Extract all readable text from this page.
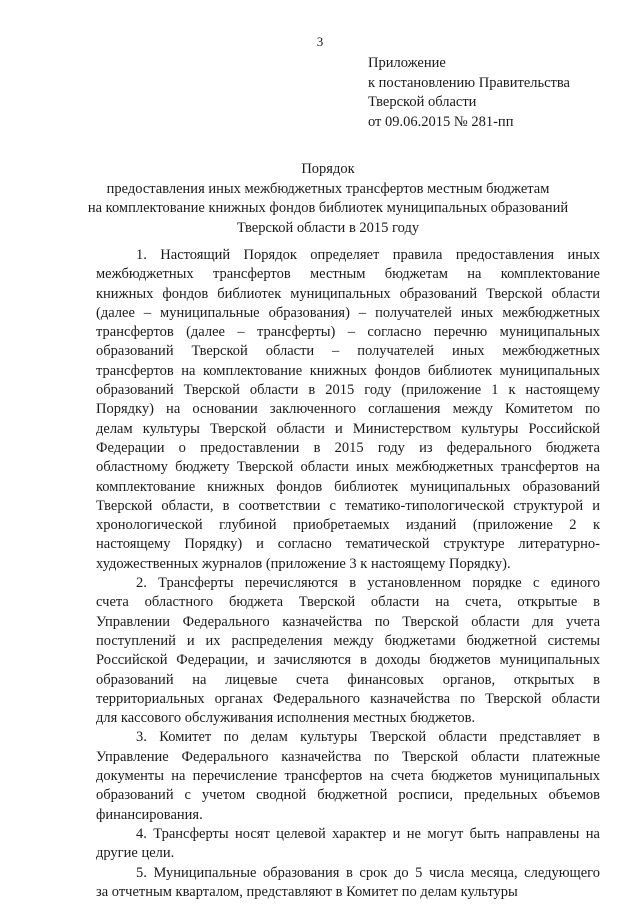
3
Приложение
к постановлению Правительства
Тверской области
от 09.06.2015 № 281-пп
Порядок
предоставления иных межбюджетных трансфертов местным бюджетам
на комплектование книжных фондов библиотек муниципальных образований
Тверской области в 2015 году
1. Настоящий Порядок определяет правила предоставления иных
межбюджетных трансфертов местным бюджетам на комплектование
книжных фондов библиотек муниципальных образований Тверской области
(далее – муниципальные образования) – получателей иных межбюджетных
трансфертов (далее – трансферты) – согласно перечню муниципальных
образований Тверской области – получателей иных межбюджетных
трансфертов на комплектование книжных фондов библиотек муниципальных
образований Тверской области в 2015 году (приложение 1 к настоящему
Порядку) на основании заключенного соглашения между Комитетом по
делам культуры Тверской области и Министерством культуры Российской
Федерации о предоставлении в 2015 году из федерального бюджета
областному бюджету Тверской области иных межбюджетных трансфертов на
комплектование книжных фондов библиотек муниципальных образований
Тверской области, в соответствии с тематико-типологической структурой и
хронологической глубиной приобретаемых изданий (приложение 2 к
настоящему Порядку) и согласно тематической структуре литературно-
художественных журналов (приложение 3 к настоящему Порядку).
2. Трансферты перечисляются в установленном порядке с единого
счета областного бюджета Тверской области на счета, открытые в
Управлении Федерального казначейства по Тверской области для учета
поступлений и их распределения между бюджетами бюджетной системы
Российской Федерации, и зачисляются в доходы бюджетов муниципальных
образований на лицевые счета финансовых органов, открытых в
территориальных органах Федерального казначейства по Тверской области
для кассового обслуживания исполнения местных бюджетов.
3. Комитет по делам культуры Тверской области представляет в
Управление Федерального казначейства по Тверской области платежные
документы на перечисление трансфертов на счета бюджетов муниципальных
образований с учетом сводной бюджетной росписи, предельных объемов
финансирования.
4. Трансферты носят целевой характер и не могут быть направлены на
другие цели.
5. Муниципальные образования в срок до 5 числа месяца, следующего
за отчетным кварталом, представляют в Комитет по делам культуры
